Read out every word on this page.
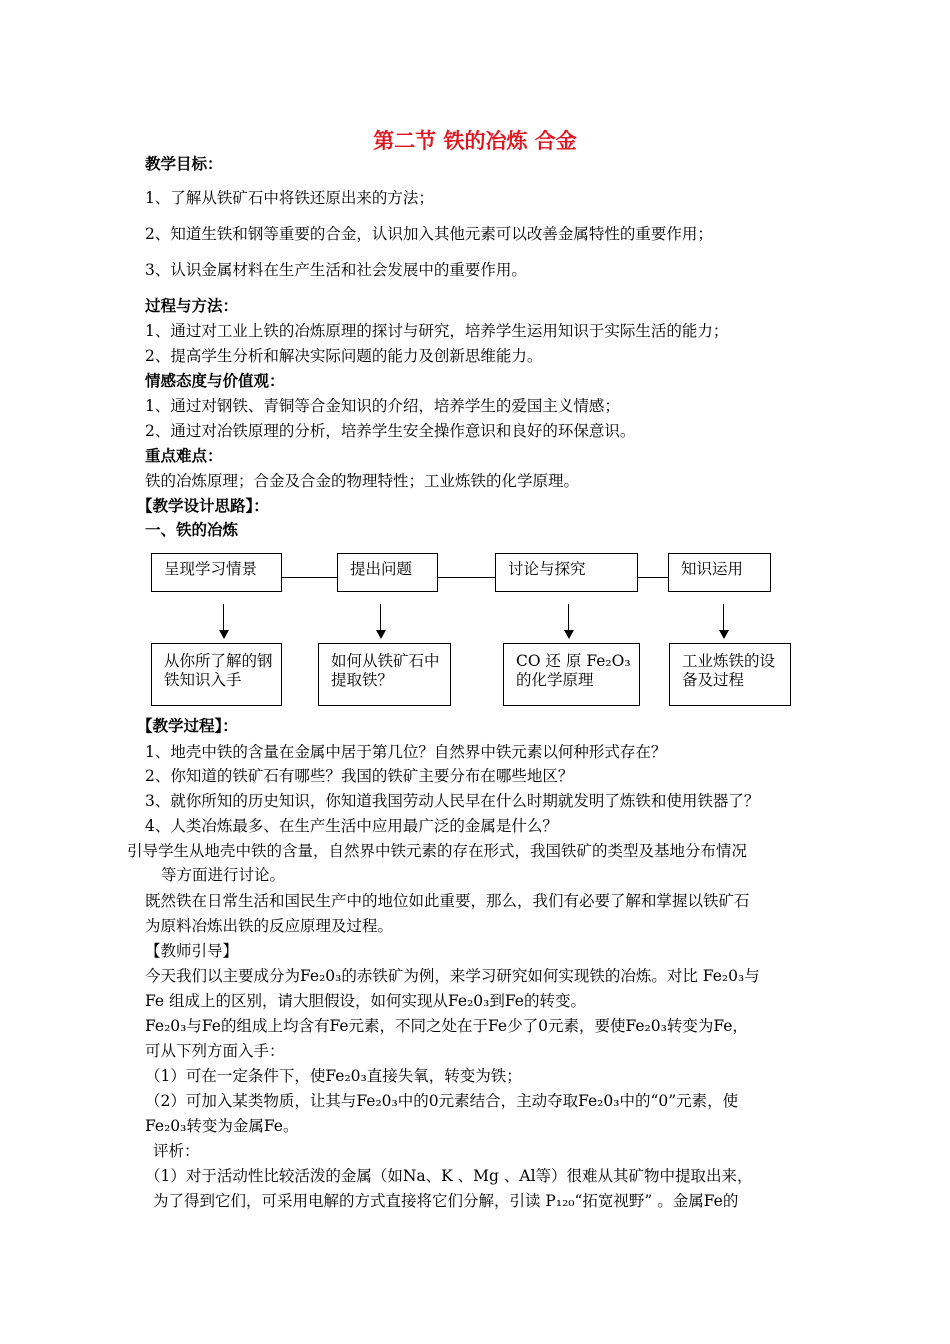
第二节 铁的冶炼 合金
教学目标：
1、了解从铁矿石中将铁还原出来的方法；
2、知道生铁和钢等重要的合金，认识加入其他元素可以改善金属特性的重要作用；
3、认识金属材料在生产生活和社会发展中的重要作用。
过程与方法：
1、通过对工业上铁的冶炼原理的探讨与研究，培养学生运用知识于实际生活的能力；
2、提高学生分析和解决实际问题的能力及创新思维能力。
情感态度与价值观：
1、通过对钢铁、青铜等合金知识的介绍，培养学生的爱国主义情感；
2、通过对冶铁原理的分析，培养学生安全操作意识和良好的环保意识。
重点难点：
铁的冶炼原理；合金及合金的物理特性；工业炼铁的化学原理。
【教学设计思路】：
一、铁的冶炼
呈现学习情景	提出问题	讨论与探究	知识运用
从你所了解的钢铁知识入手
如何从铁矿石中提取铁？
CO 还 原 Fe₂O₃的化学原理
工业炼铁的设备及过程
【教学过程】：
1、地壳中铁的含量在金属中居于第几位？自然界中铁元素以何种形式存在？
2、你知道的铁矿石有哪些？我国的铁矿主要分布在哪些地区？
3、就你所知的历史知识，你知道我国劳动人民早在什么时期就发明了炼铁和使用铁器了？
4、人类冶炼最多、在生产生活中应用最广泛的金属是什么？
引导学生从地壳中铁的含量，自然界中铁元素的存在形式，我国铁矿的类型及基地分布情况
等方面进行讨论。
既然铁在日常生活和国民生产中的地位如此重要，那么，我们有必要了解和掌握以铁矿石
为原料冶炼出铁的反应原理及过程。
【教师引导】
今天我们以主要成分为Fe₂0₃的赤铁矿为例，来学习研究如何实现铁的冶炼。对比 Fe₂0₃与
Fe 组成上的区别，请大胆假设，如何实现从Fe₂0₃到Fe的转变。
Fe₂0₃与Fe的组成上均含有Fe元素，不同之处在于Fe少了0元素，要使Fe₂0₃转变为Fe，
可从下列方面入手：
（1）可在一定条件下，使Fe₂0₃直接失氧，转变为铁；
（2）可加入某类物质，让其与Fe₂0₃中的0元素结合，主动夺取Fe₂0₃中的“0”元素，使
Fe₂0₃转变为金属Fe。
评析：
（1）对于活动性比较活泼的金属（如Na、K 、Mg 、Al等）很难从其矿物中提取出来，
为了得到它们，可采用电解的方式直接将它们分解，引读 P₁₂₀“拓宽视野” 。金属Fe的
